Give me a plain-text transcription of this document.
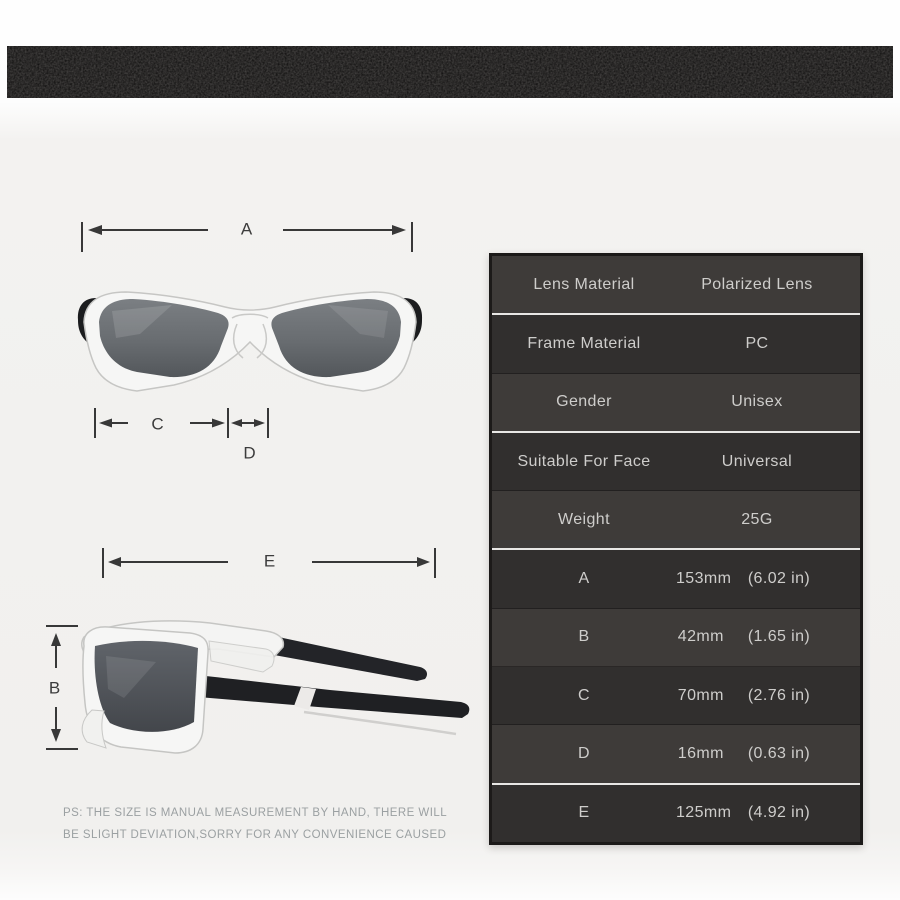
A
C
D
E
B
PS: THE SIZE IS MANUAL MEASUREMENT BY HAND, THERE WILL
BE SLIGHT DEVIATION,SORRY FOR ANY CONVENIENCE CAUSED
Lens Material	Polarized Lens
Frame Material	PC
Gender	Unisex
Suitable For Face	Universal
Weight	25G
A	153mm (6.02 in)
B	42mm (1.65 in)
C	70mm (2.76 in)
D	16mm (0.63 in)
E	125mm (4.92 in)
